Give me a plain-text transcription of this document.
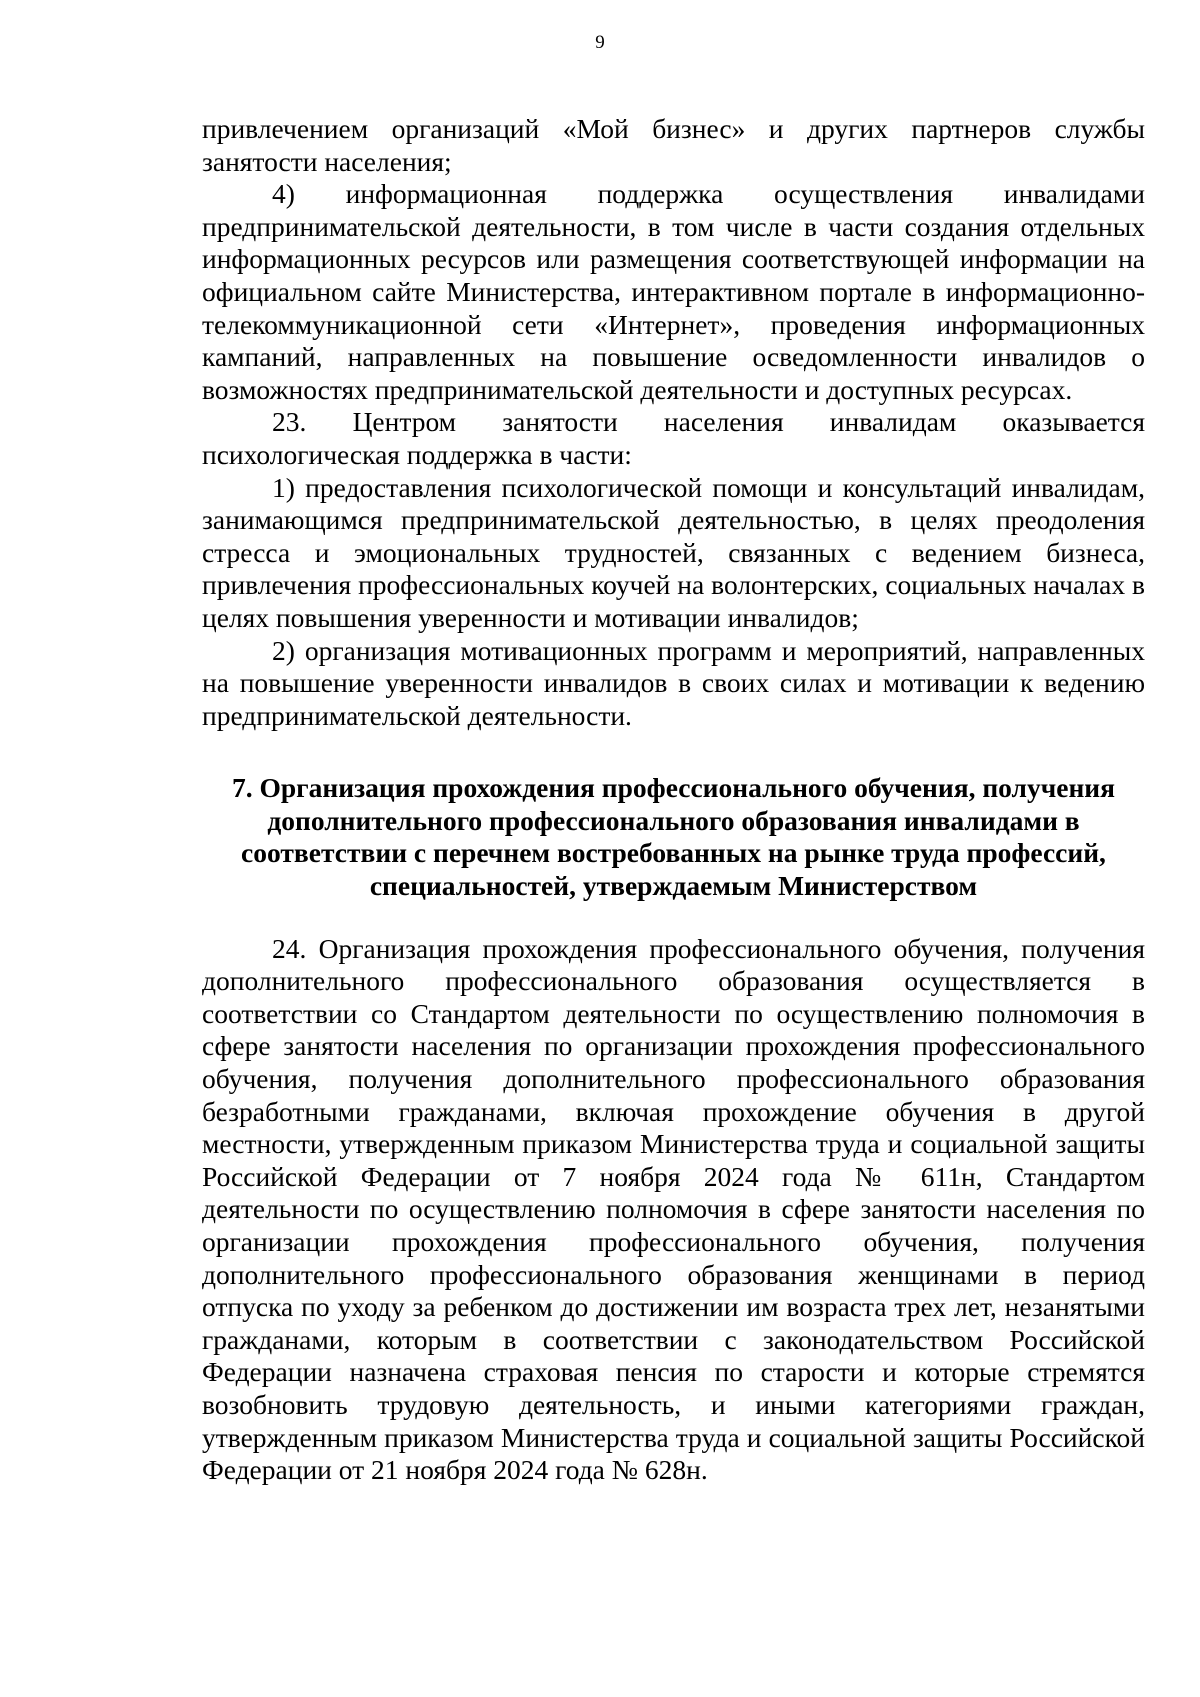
9

привлечением организаций «Мой бизнес» и других партнеров службы занятости населения;

4) информационная поддержка осуществления инвалидами предпринимательской деятельности, в том числе в части создания отдельных информационных ресурсов или размещения соответствующей информации на официальном сайте Министерства, интерактивном портале в информационно-телекоммуникационной сети «Интернет», проведения информационных кампаний, направленных на повышение осведомленности инвалидов о возможностях предпринимательской деятельности и доступных ресурсах.

23. Центром занятости населения инвалидам оказывается психологическая поддержка в части:

1) предоставления психологической помощи и консультаций инвалидам, занимающимся предпринимательской деятельностью, в целях преодоления стресса и эмоциональных трудностей, связанных с ведением бизнеса, привлечения профессиональных коучей на волонтерских, социальных началах в целях повышения уверенности и мотивации инвалидов;

2) организация мотивационных программ и мероприятий, направленных на повышение уверенности инвалидов в своих силах и мотивации к ведению предпринимательской деятельности.

7. Организация прохождения профессионального обучения, получения дополнительного профессионального образования инвалидами в соответствии с перечнем востребованных на рынке труда профессий, специальностей, утверждаемым Министерством

24. Организация прохождения профессионального обучения, получения дополнительного профессионального образования осуществляется в соответствии со Стандартом деятельности по осуществлению полномочия в сфере занятости населения по организации прохождения профессионального обучения, получения дополнительного профессионального образования безработными гражданами, включая прохождение обучения в другой местности, утвержденным приказом Министерства труда и социальной защиты Российской Федерации от 7 ноября 2024 года № 611н, Стандартом деятельности по осуществлению полномочия в сфере занятости населения по организации прохождения профессионального обучения, получения дополнительного профессионального образования женщинами в период отпуска по уходу за ребенком до достижении им возраста трех лет, незанятыми гражданами, которым в соответствии с законодательством Российской Федерации назначена страховая пенсия по старости и которые стремятся возобновить трудовую деятельность, и иными категориями граждан, утвержденным приказом Министерства труда и социальной защиты Российской Федерации от 21 ноября 2024 года № 628н.
